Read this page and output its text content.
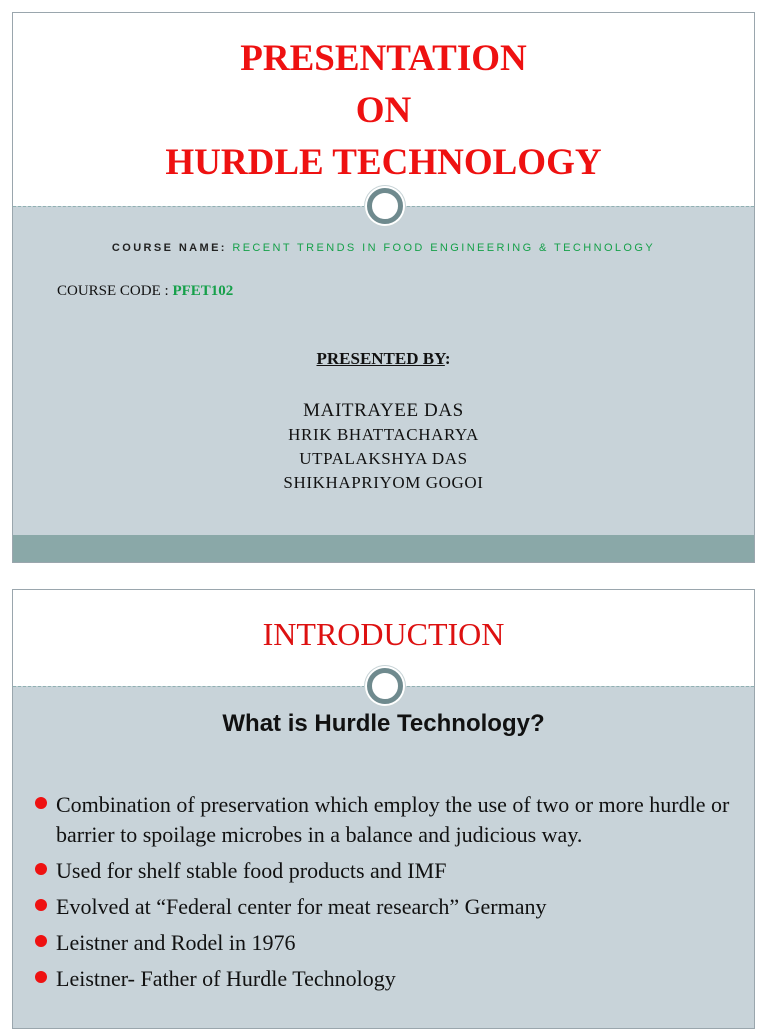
PRESENTATION
ON
HURDLE TECHNOLOGY
COURSE NAME: RECENT TRENDS IN FOOD ENGINEERING & TECHNOLOGY
COURSE CODE : PFET102
PRESENTED BY:
MAITRAYEE DAS
HRIK BHATTACHARYA
UTPALAKSHYA DAS
SHIKHAPRIYOM GOGOI
INTRODUCTION
What is Hurdle Technology?
Combination of preservation which employ the use of two or more hurdle or barrier to spoilage microbes in a balance and judicious way.
Used for shelf stable food products and IMF
Evolved at “Federal center for meat research” Germany
Leistner and Rodel in 1976
Leistner- Father of Hurdle Technology
